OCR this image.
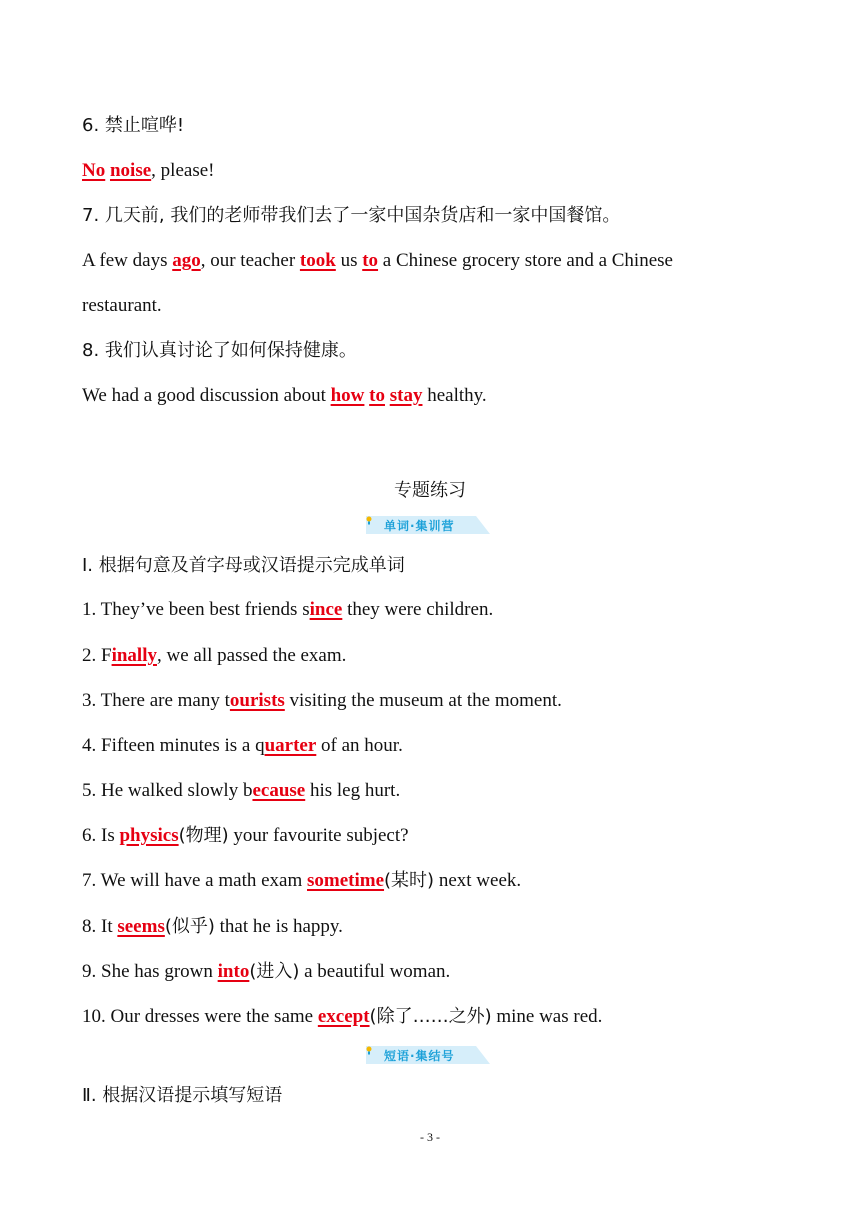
6. 禁止喧哗!
No noise, please!
7. 几天前, 我们的老师带我们去了一家中国杂货店和一家中国餐馆。
A few days ago, our teacher took us to a Chinese grocery store and a Chinese
restaurant.
8. 我们认真讨论了如何保持健康。
We had a good discussion about how to stay healthy.
专题练习
单词·集训营
Ⅰ. 根据句意及首字母或汉语提示完成单词
1. They’ve been best friends since they were children.
2. Finally, we all passed the exam.
3. There are many tourists visiting the museum at the moment.
4. Fifteen minutes is a quarter of an hour.
5. He walked slowly because his leg hurt.
6. Is physics(物理) your favourite subject?
7. We will have a math exam sometime(某时) next week.
8. It seems(似乎) that he is happy.
9. She has grown into(进入) a beautiful woman.
10. Our dresses were the same except(除了……之外) mine was red.
短语·集结号
Ⅱ. 根据汉语提示填写短语
- 3 -
